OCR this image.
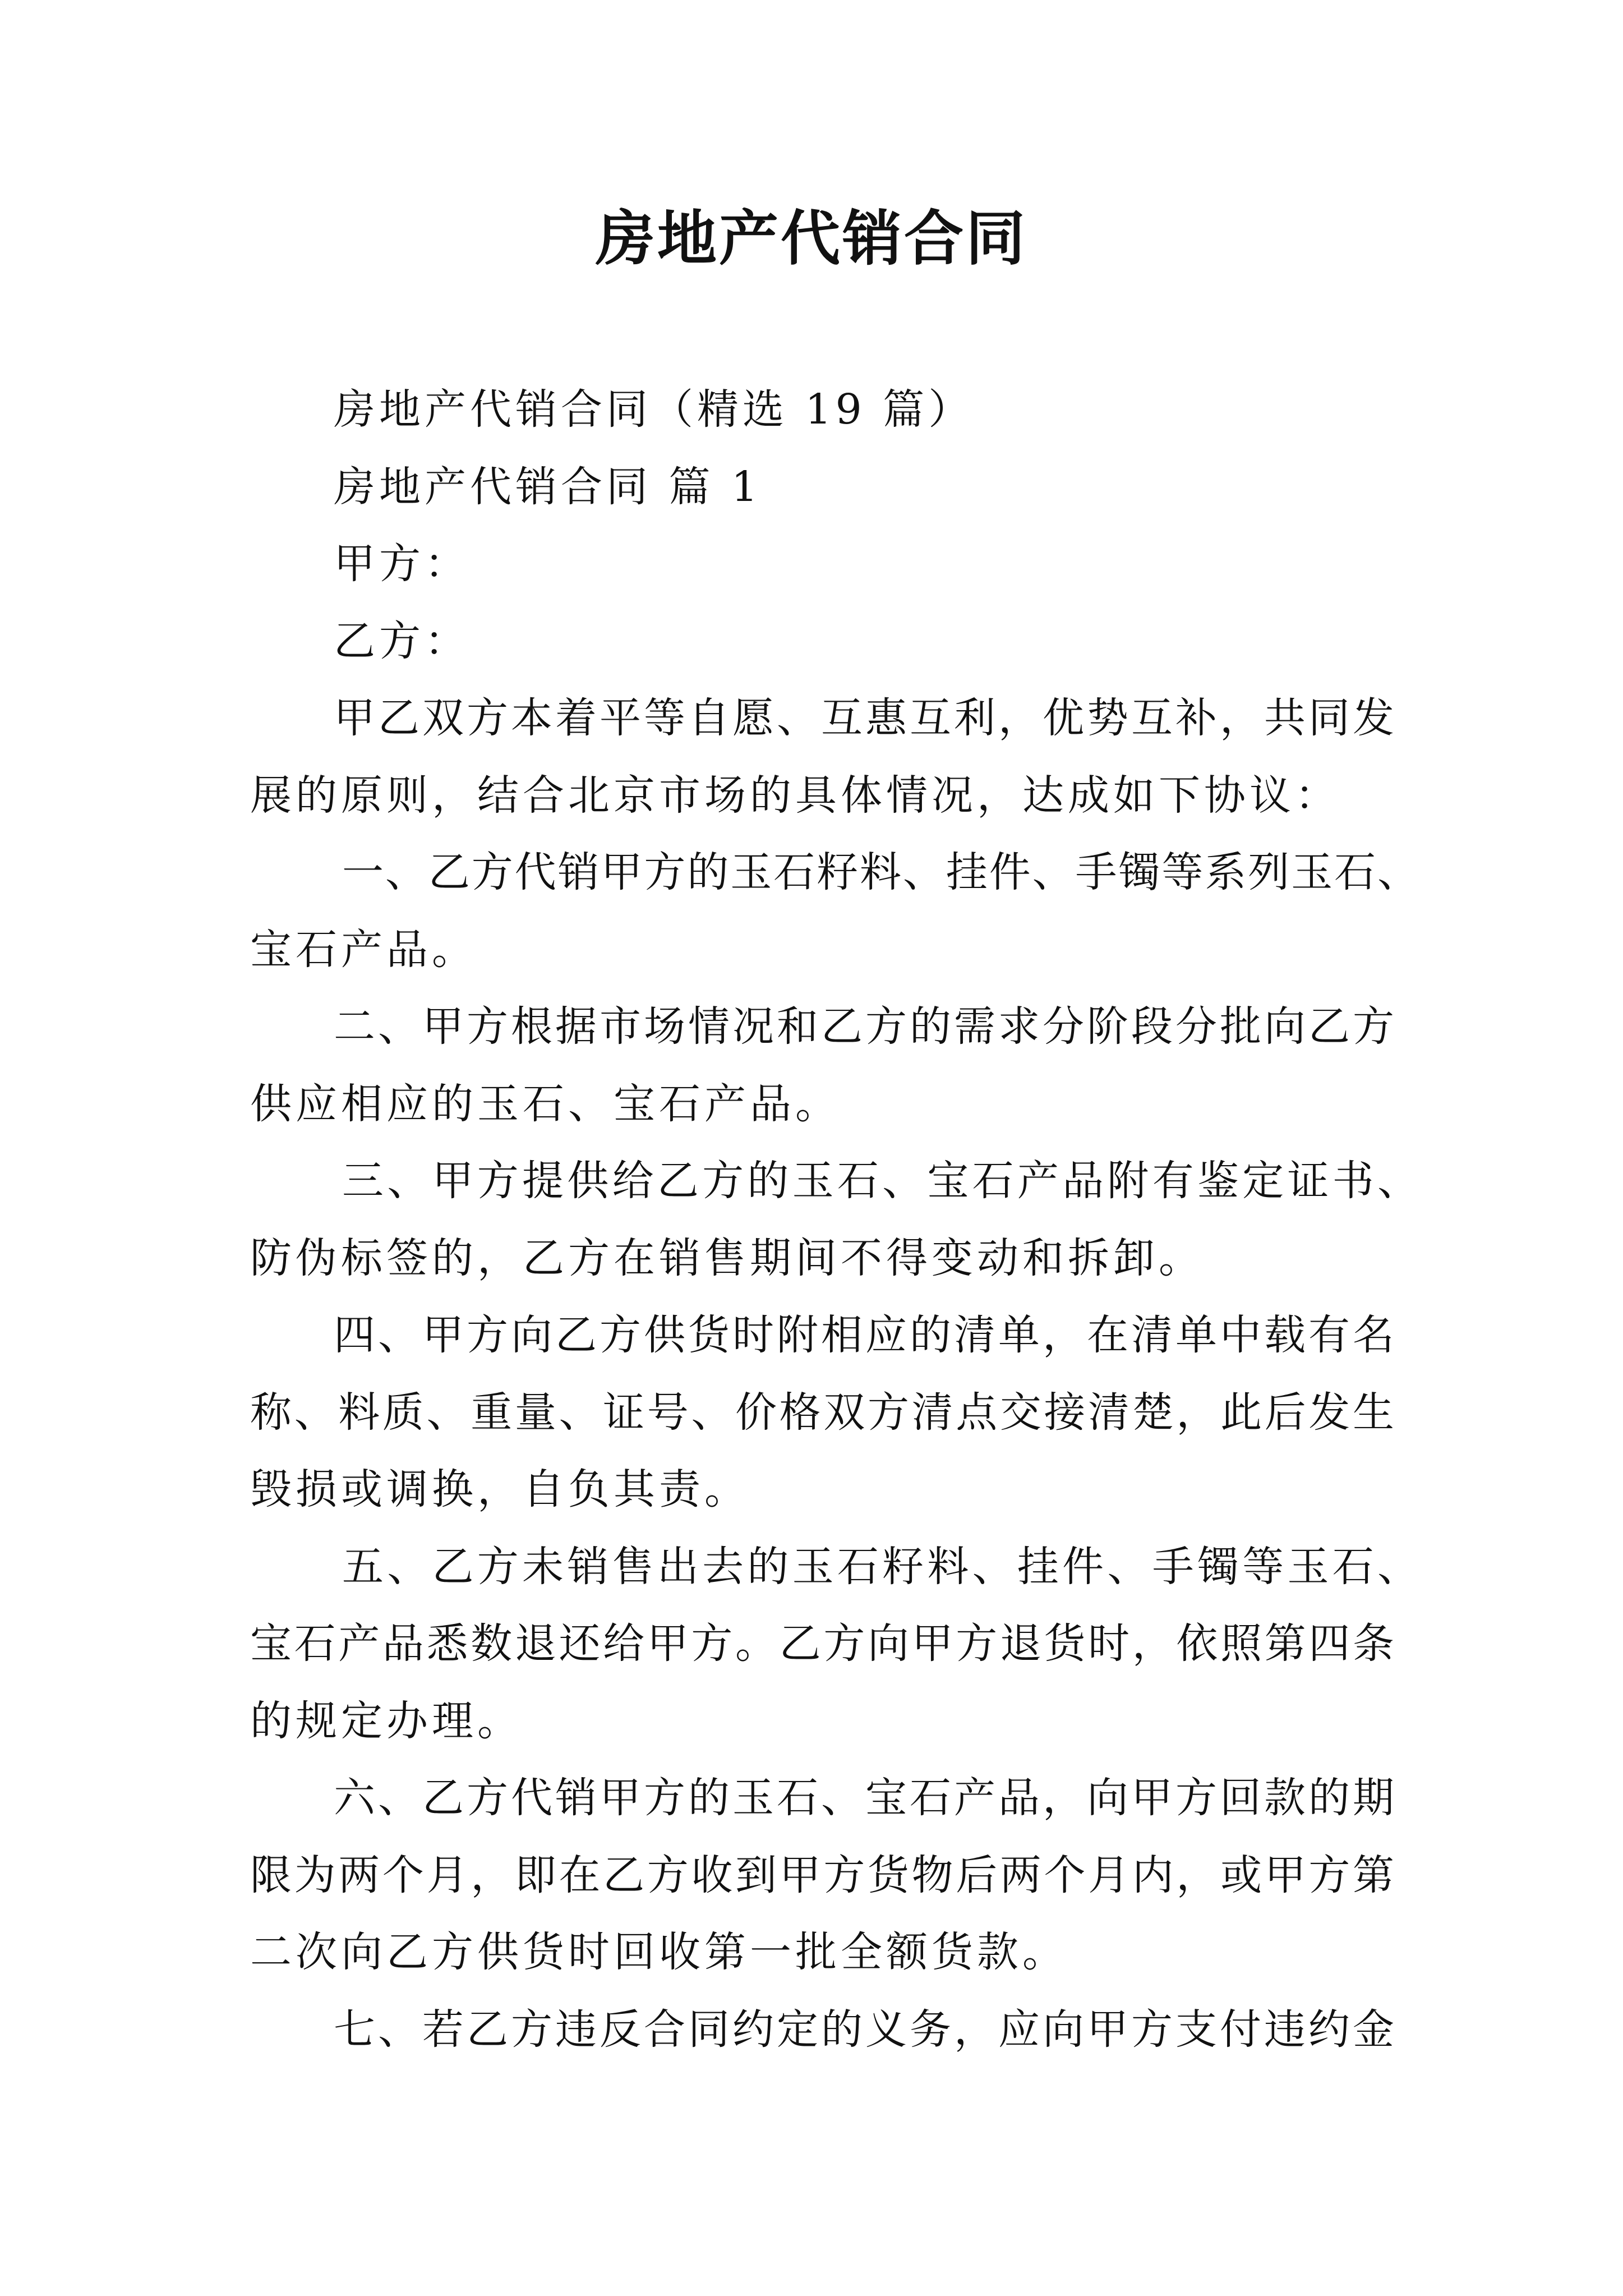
房地产代销合同
房地产代销合同（精选 19 篇）
房地产代销合同 篇 1
甲方：
乙方：
甲乙双方本着平等自愿、互惠互利，优势互补，共同发
展的原则，结合北京市场的具体情况，达成如下协议：
一、乙方代销甲方的玉石籽料、挂件、手镯等系列玉石、
宝石产品。
二、甲方根据市场情况和乙方的需求分阶段分批向乙方
供应相应的玉石、宝石产品。
三、甲方提供给乙方的玉石、宝石产品附有鉴定证书、
防伪标签的，乙方在销售期间不得变动和拆卸。
四、甲方向乙方供货时附相应的清单，在清单中载有名
称、料质、重量、证号、价格双方清点交接清楚，此后发生
毁损或调换，自负其责。
五、乙方未销售出去的玉石籽料、挂件、手镯等玉石、
宝石产品悉数退还给甲方。乙方向甲方退货时，依照第四条
的规定办理。
六、乙方代销甲方的玉石、宝石产品，向甲方回款的期
限为两个月，即在乙方收到甲方货物后两个月内，或甲方第
二次向乙方供货时回收第一批全额货款。
七、若乙方违反合同约定的义务，应向甲方支付违约金
